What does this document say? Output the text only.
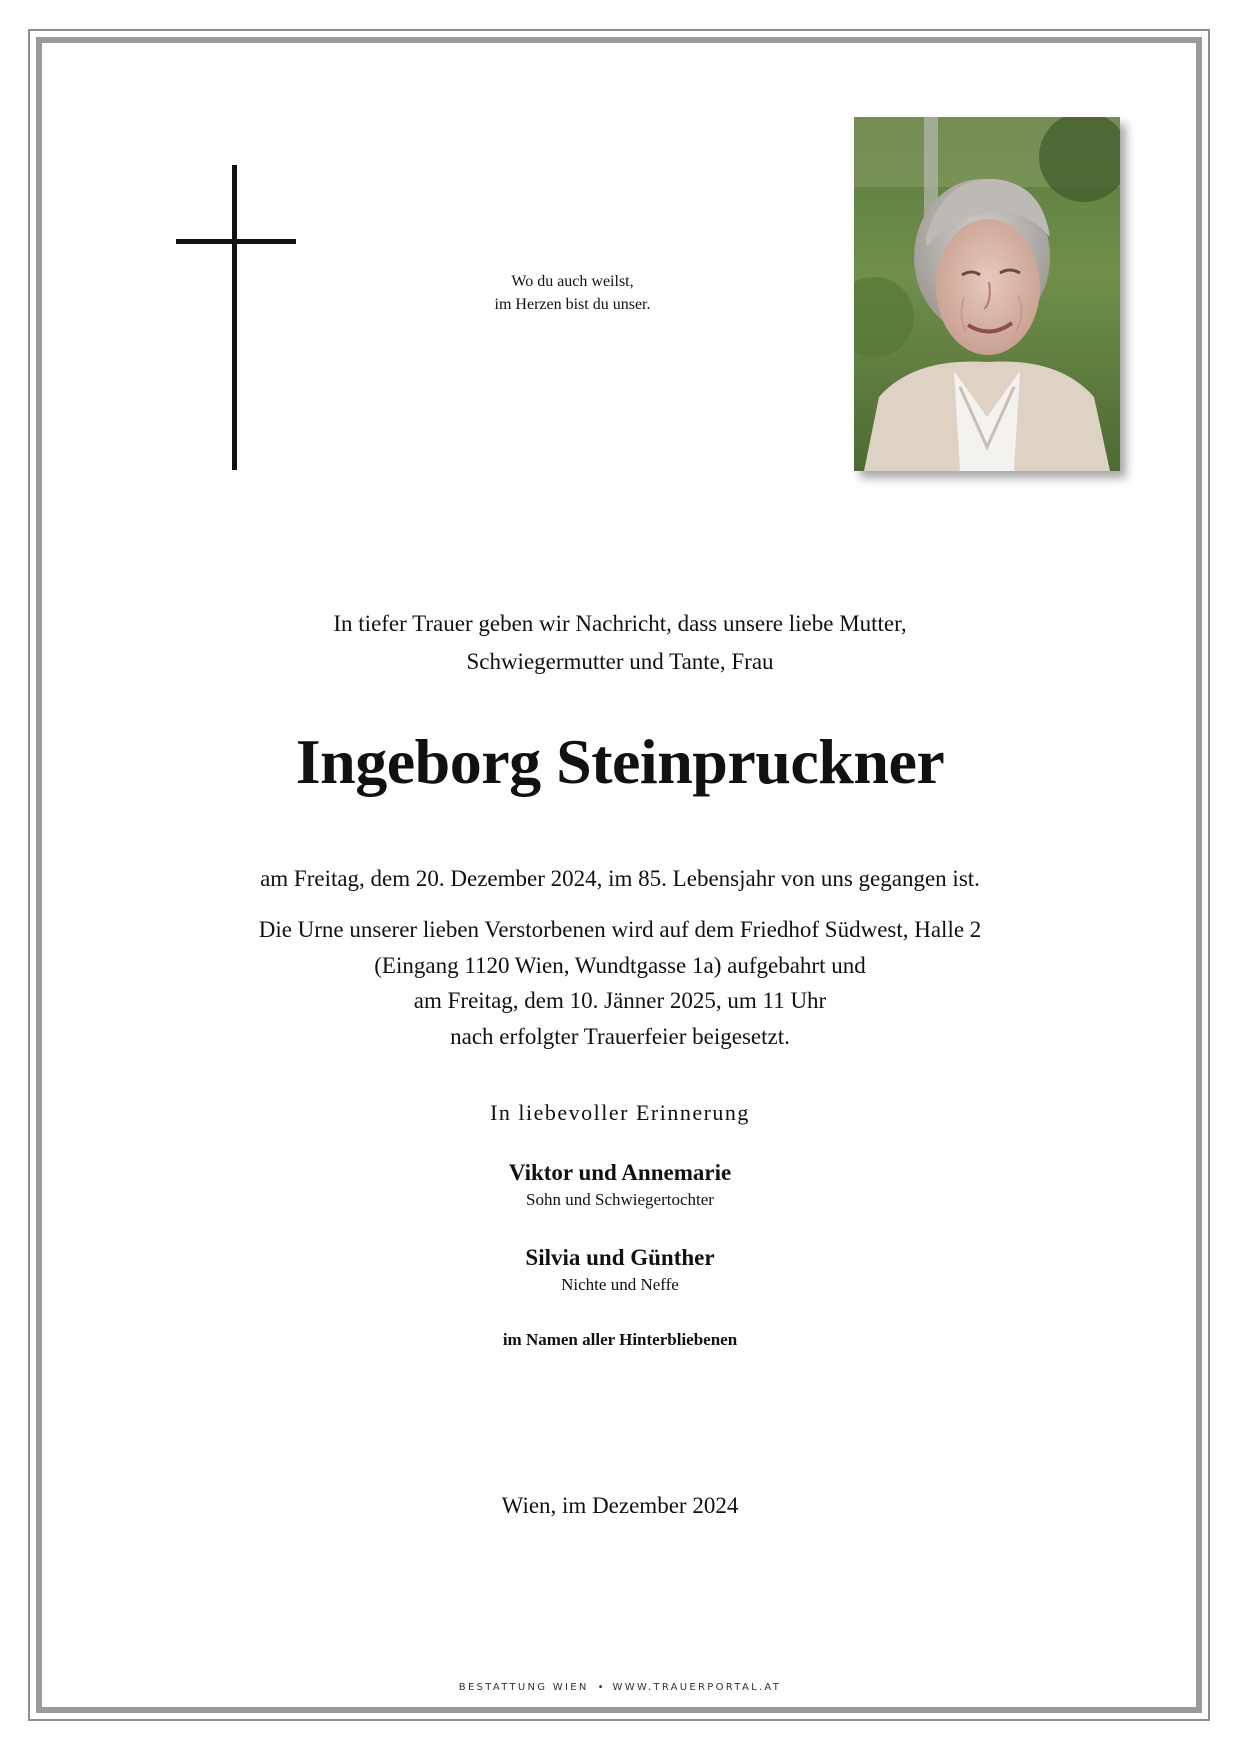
Wo du auch weilst,
im Herzen bist du unser.
In tiefer Trauer geben wir Nachricht, dass unsere liebe Mutter,
Schwiegermutter und Tante, Frau
Ingeborg Steinpruckner
am Freitag, dem 20. Dezember 2024, im 85. Lebensjahr von uns gegangen ist.
Die Urne unserer lieben Verstorbenen wird auf dem Friedhof Südwest, Halle 2
(Eingang 1120 Wien, Wundtgasse 1a) aufgebahrt und
am Freitag, dem 10. Jänner 2025, um 11 Uhr
nach erfolgter Trauerfeier beigesetzt.
In liebevoller Erinnerung
Viktor und Annemarie
Sohn und Schwiegertochter
Silvia und Günther
Nichte und Neffe
im Namen aller Hinterbliebenen
Wien, im Dezember 2024
BESTATTUNG WIEN • WWW.TRAUERPORTAL.AT
